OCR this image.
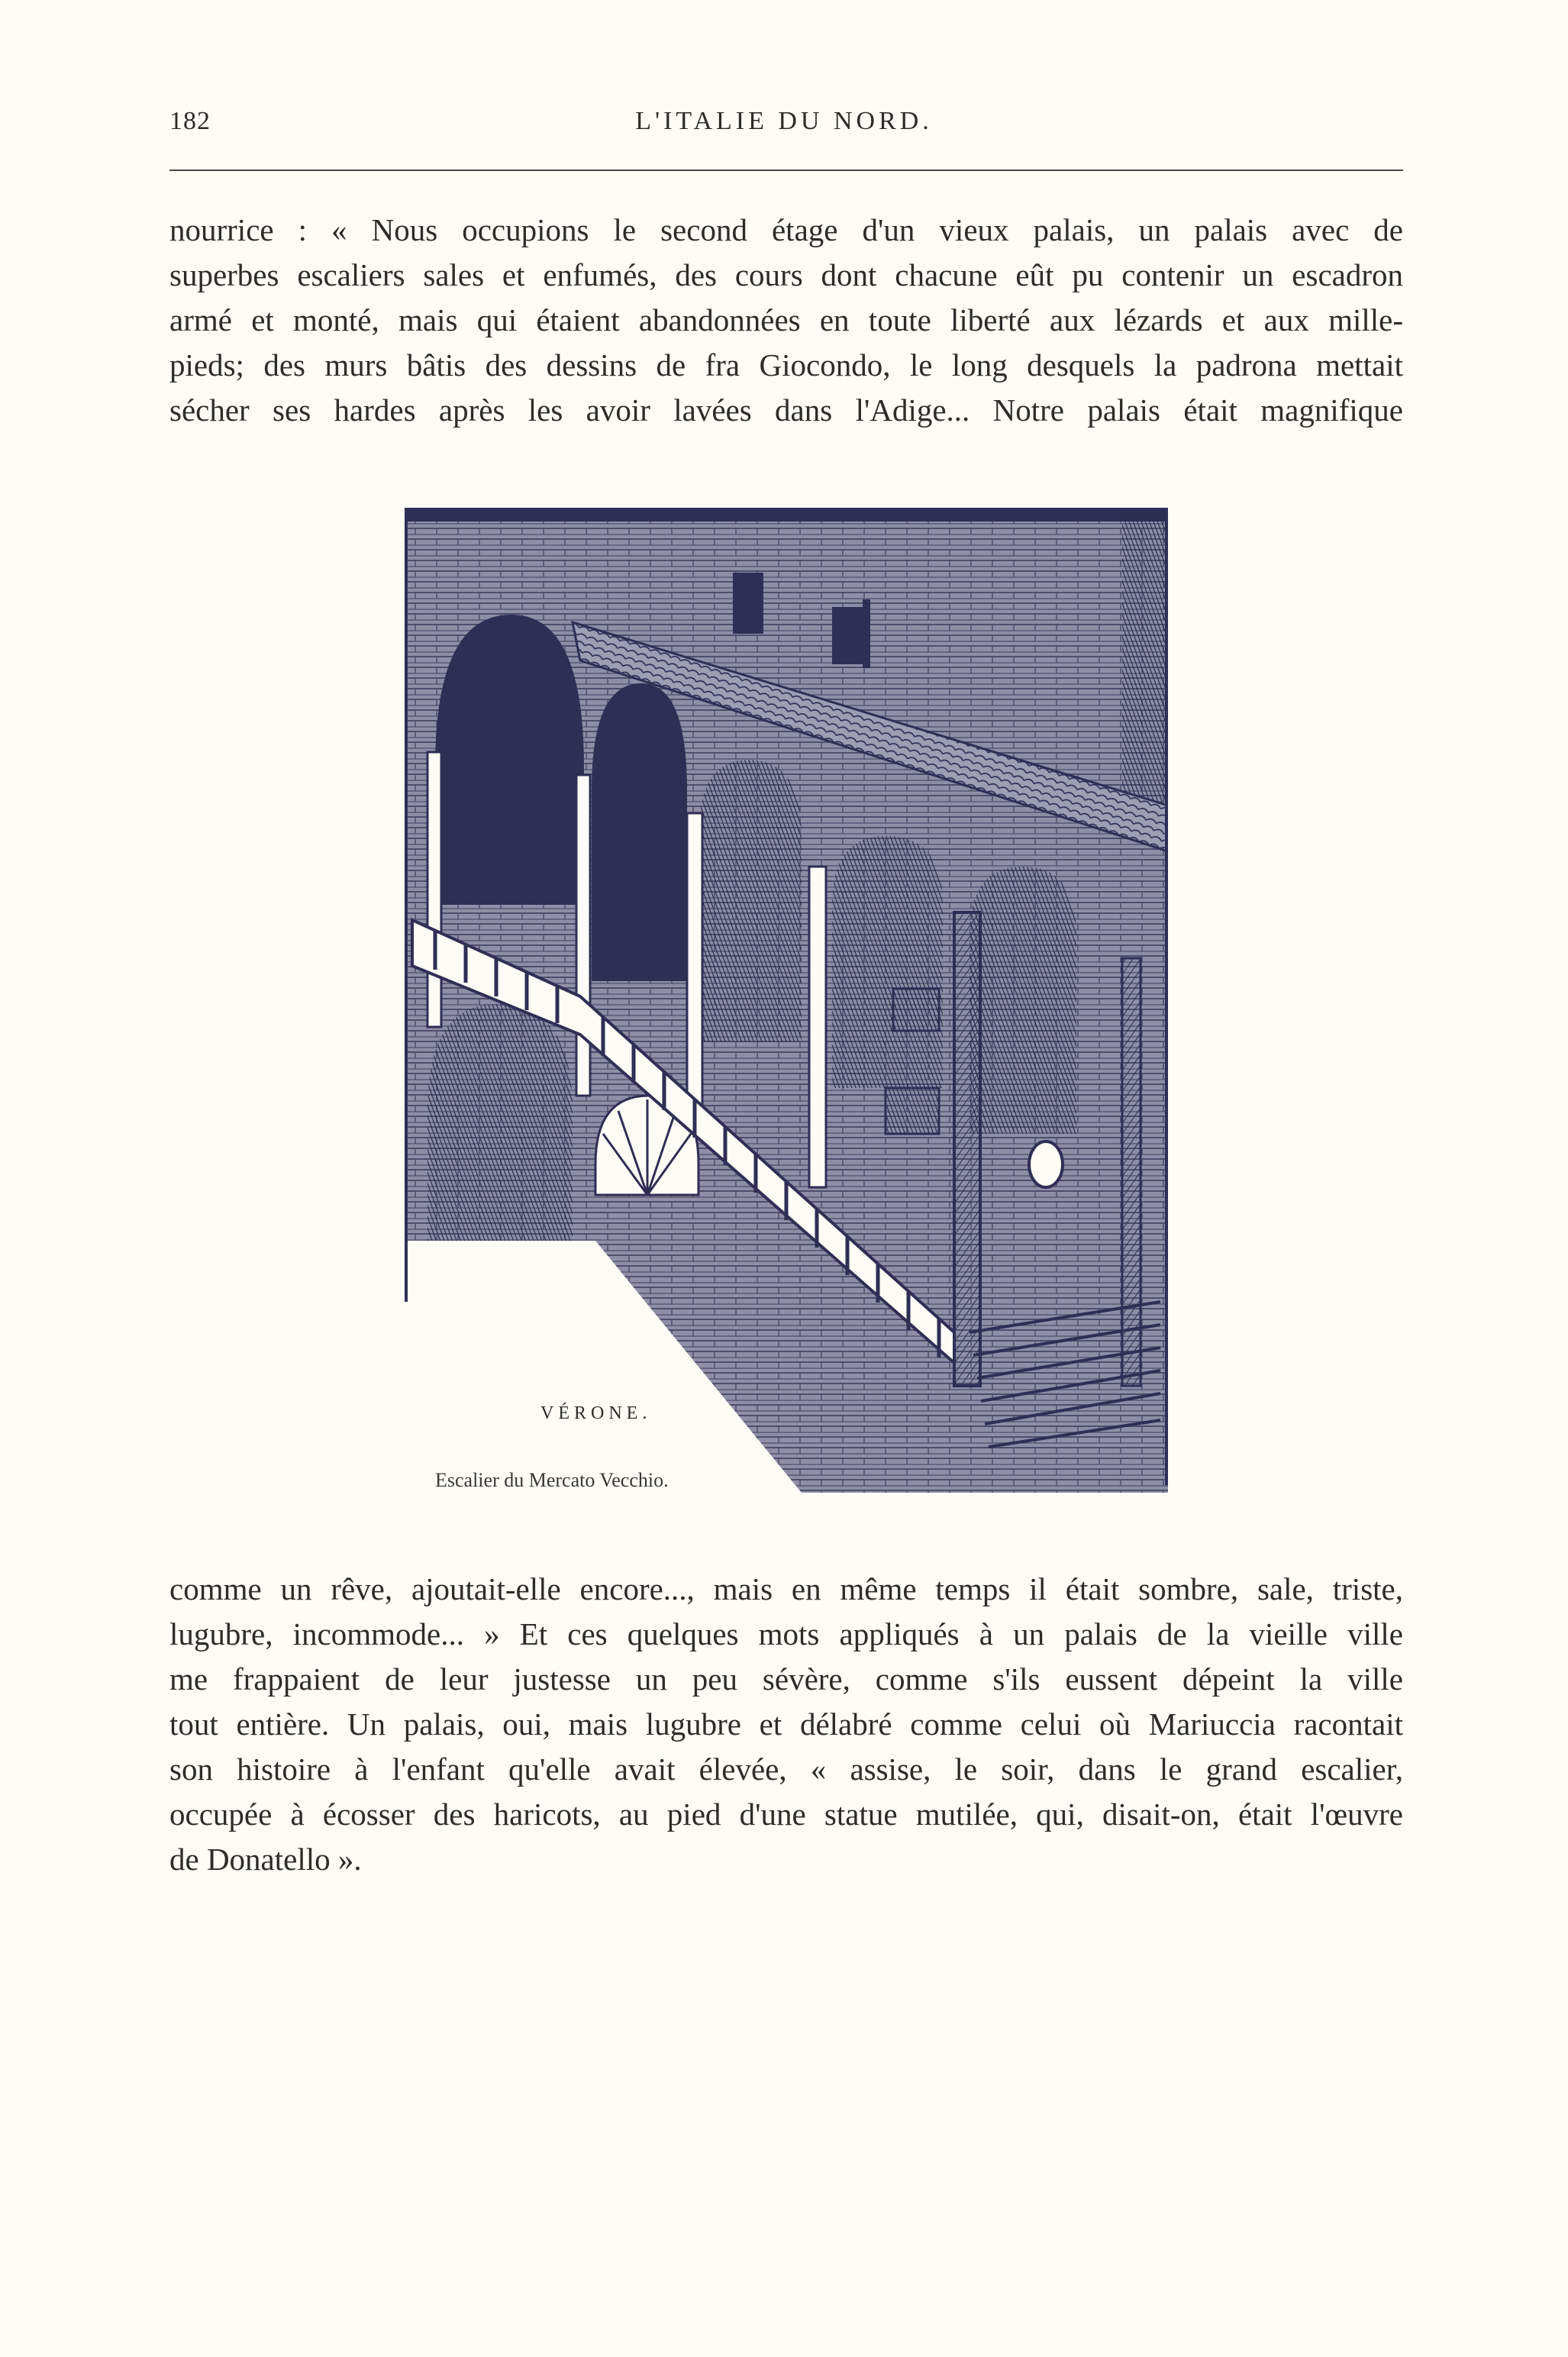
182	L'ITALIE DU NORD.
nourrice : « Nous occupions le second étage d'un vieux palais, un palais avec de
superbes escaliers sales et enfumés, des cours dont chacune eût pu contenir un escadron
armé et monté, mais qui étaient abandonnées en toute liberté aux lézards et aux mille-
pieds; des murs bâtis des dessins de fra Giocondo, le long desquels la padrona mettait
sécher ses hardes après les avoir lavées dans l'Adige... Notre palais était magnifique
VÉRONE.
Escalier du Mercato Vecchio.
comme un rêve, ajoutait-elle encore..., mais en même temps il était sombre, sale, triste,
lugubre, incommode... » Et ces quelques mots appliqués à un palais de la vieille ville
me frappaient de leur justesse un peu sévère, comme s'ils eussent dépeint la ville
tout entière. Un palais, oui, mais lugubre et délabré comme celui où Mariuccia racontait
son histoire à l'enfant qu'elle avait élevée, « assise, le soir, dans le grand escalier,
occupée à écosser des haricots, au pied d'une statue mutilée, qui, disait-on, était l'œuvre
de Donatello ».
